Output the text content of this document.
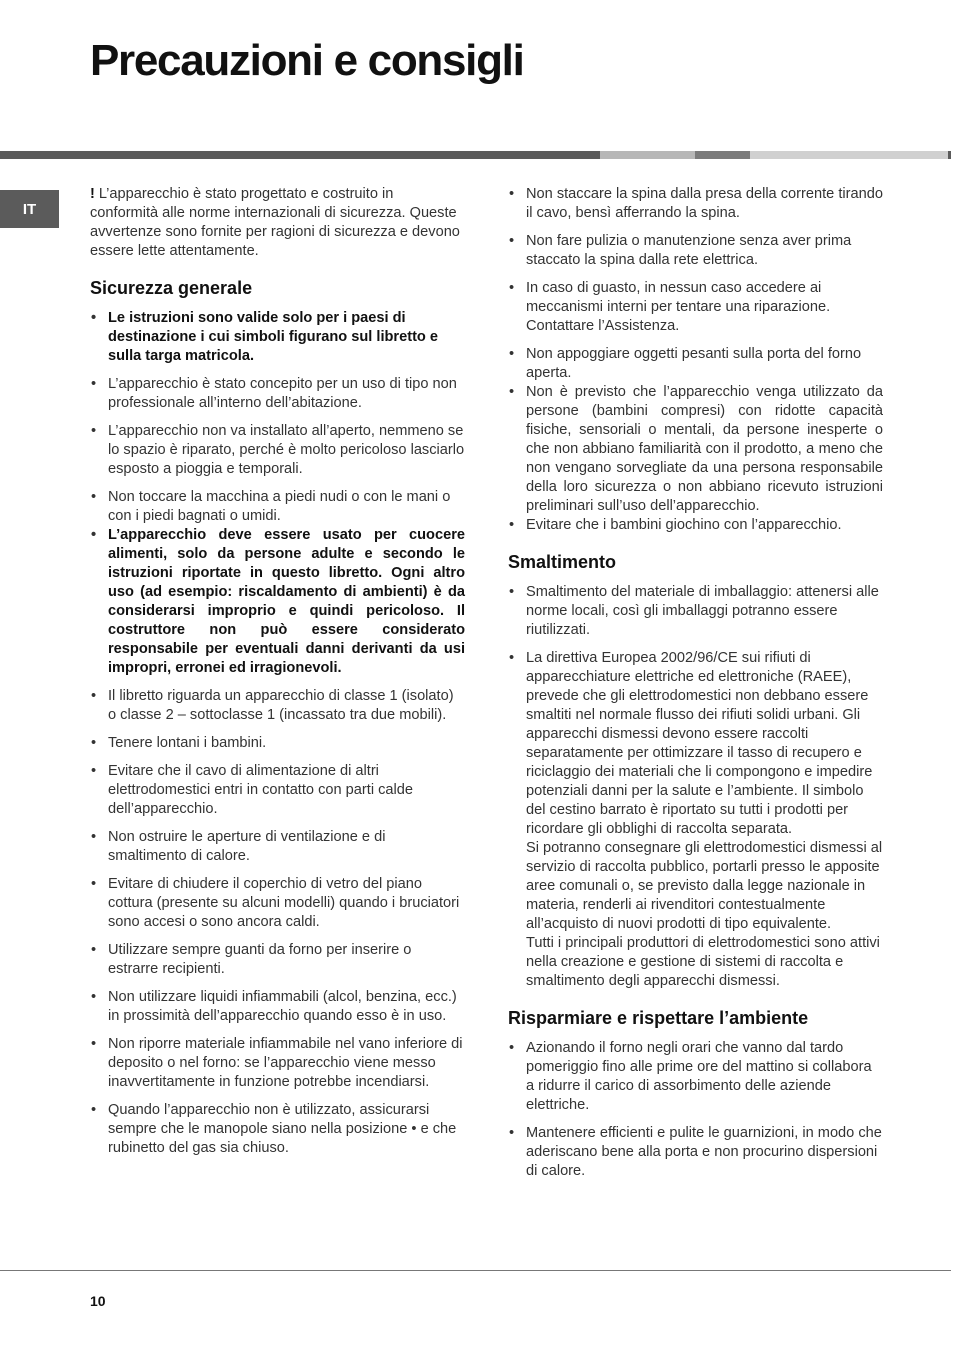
Precauzioni e consigli
IT

! L’apparecchio è stato progettato e costruito in conformità alle norme internazionali di sicurezza. Queste avvertenze sono fornite per ragioni di sicurezza e devono essere lette attentamente.

Sicurezza generale
• Le istruzioni sono valide solo per i paesi di destinazione i cui simboli figurano sul libretto e sulla targa matricola.
• L’apparecchio è stato concepito per un uso di tipo non professionale all’interno dell’abitazione.
• L’apparecchio non va installato all’aperto, nemmeno se lo spazio è riparato, perché è molto pericoloso lasciarlo esposto a pioggia e temporali.
• Non toccare la macchina a piedi nudi o con le mani o con i piedi bagnati o umidi.
• L’apparecchio deve essere usato per cuocere alimenti, solo da persone adulte e secondo le istruzioni riportate in questo libretto. Ogni altro uso (ad esempio: riscaldamento di ambienti) è da considerarsi improprio e quindi pericoloso. Il costruttore non può essere considerato responsabile per eventuali danni derivanti da usi impropri, erronei ed irragionevoli.
• Il libretto riguarda un apparecchio di classe 1 (isolato) o classe 2 – sottoclasse 1 (incassato tra due mobili).
• Tenere lontani i bambini.
• Evitare che il cavo di alimentazione di altri elettrodomestici entri in contatto con parti calde dell’apparecchio.
• Non ostruire le aperture di ventilazione e di smaltimento di calore.
• Evitare di chiudere il coperchio di vetro del piano cottura (presente su alcuni modelli) quando i bruciatori sono accesi o sono ancora caldi.
• Utilizzare sempre guanti da forno per inserire o estrarre recipienti.
• Non utilizzare liquidi infiammabili (alcol, benzina, ecc.) in prossimità dell’apparecchio quando esso è in uso.
• Non riporre materiale infiammabile nel vano inferiore di deposito o nel forno: se l’apparecchio viene messo inavvertitamente in funzione potrebbe incendiarsi.
• Quando l’apparecchio non è utilizzato, assicurarsi sempre che le manopole siano nella posizione • e che rubinetto del gas sia chiuso.
• Non staccare la spina dalla presa della corrente tirando il cavo, bensì afferrando la spina.
• Non fare pulizia o manutenzione senza aver prima staccato la spina dalla rete elettrica.
• In caso di guasto, in nessun caso accedere ai meccanismi interni per tentare una riparazione. Contattare l’Assistenza.
• Non appoggiare oggetti pesanti sulla porta del forno aperta.
• Non è previsto che l’apparecchio venga utilizzato da persone (bambini compresi) con ridotte capacità fisiche, sensoriali o mentali, da persone inesperte o che non abbiano familiarità con il prodotto, a meno che non vengano sorvegliate da una persona responsabile della loro sicurezza o non abbiano ricevuto istruzioni preliminari sull’uso dell’apparecchio.
• Evitare che i bambini giochino con l’apparecchio.
Smaltimento
• Smaltimento del materiale di imballaggio: attenersi alle norme locali, così gli imballaggi potranno essere riutilizzati.
• La direttiva Europea 2002/96/CE sui rifiuti di apparecchiature elettriche ed elettroniche (RAEE), prevede che gli elettrodomestici non debbano essere smaltiti nel normale flusso dei rifiuti solidi urbani. Gli apparecchi dismessi devono essere raccolti separatamente per ottimizzare il tasso di recupero e riciclaggio dei materiali che li compongono e impedire potenziali danni per la salute e l’ambiente. Il simbolo del cestino barrato è riportato su tutti i prodotti per ricordare gli obblighi di raccolta separata.
Si potranno consegnare gli elettrodomestici dismessi al servizio di raccolta pubblico, portarli presso le apposite aree comunali o, se previsto dalla legge nazionale in materia, renderli ai rivenditori contestualmente all’acquisto di nuovi prodotti di tipo equivalente.
Tutti i principali produttori di elettrodomestici sono attivi nella creazione e gestione di sistemi di raccolta e smaltimento degli apparecchi dismessi.
Risparmiare e rispettare l’ambiente
• Azionando il forno negli orari che vanno dal tardo pomeriggio fino alle prime ore del mattino si collabora a ridurre il carico di assorbimento delle aziende elettriche.
• Mantenere efficienti e pulite le guarnizioni, in modo che aderiscano bene alla porta e non procurino dispersioni di calore.
10
